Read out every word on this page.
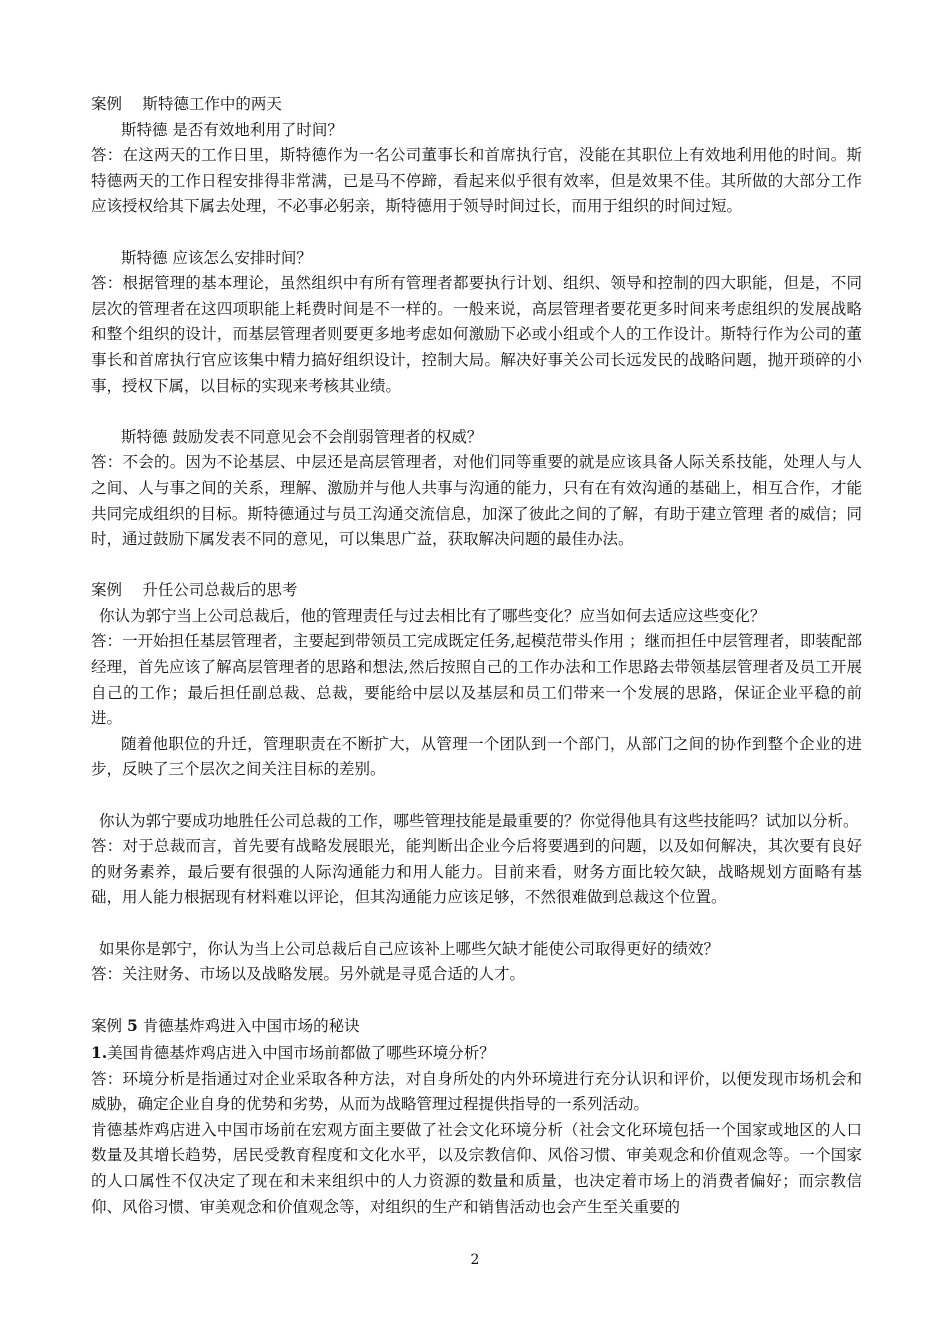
案例　 斯特德工作中的两天

斯特德 是否有效地利用了时间？

答：在这两天的工作日里，斯特德作为一名公司董事长和首席执行官，没能在其职位上有效地利用他的时间。斯特德两天的工作日程安排得非常满，已是马不停蹄，看起来似乎很有效率，但是效果不佳。其所做的大部分工作应该授权给其下属去处理，不必事必躬亲，斯特德用于领导时间过长，而用于组织的时间过短。

斯特德 应该怎么安排时间？

答：根据管理的基本理论，虽然组织中有所有管理者都要执行计划、组织、领导和控制的四大职能，但是，不同层次的管理者在这四项职能上耗费时间是不一样的。一般来说，高层管理者要花更多时间来考虑组织的发展战略和整个组织的设计，而基层管理者则要更多地考虑如何激励下必或小组或个人的工作设计。斯特行作为公司的董事长和首席执行官应该集中精力搞好组织设计，控制大局。解决好事关公司长远发民的战略问题，抛开琐碎的小事，授权下属，以目标的实现来考核其业绩。

斯特德 鼓励发表不同意见会不会削弱管理者的权威？

答：不会的。因为不论基层、中层还是高层管理者，对他们同等重要的就是应该具备人际关系技能，处理人与人之间、人与事之间的关系，理解、激励并与他人共事与沟通的能力，只有在有效沟通的基础上，相互合作，才能共同完成组织的目标。斯特德通过与员工沟通交流信息，加深了彼此之间的了解，有助于建立管理 者的威信；同时，通过鼓励下属发表不同的意见，可以集思广益，获取解决问题的最佳办法。

案例　 升任公司总裁后的思考

你认为郭宁当上公司总裁后，他的管理责任与过去相比有了哪些变化？应当如何去适应这些变化？

答：一开始担任基层管理者，主要起到带领员工完成既定任务,起模范带头作用 ；继而担任中层管理者，即装配部经理，首先应该了解高层管理者的思路和想法,然后按照自己的工作办法和工作思路去带领基层管理者及员工开展自己的工作；最后担任副总裁、总裁，要能给中层以及基层和员工们带来一个发展的思路，保证企业平稳的前进。

随着他职位的升迁，管理职责在不断扩大，从管理一个团队到一个部门，从部门之间的协作到整个企业的进步，反映了三个层次之间关注目标的差别。

你认为郭宁要成功地胜任公司总裁的工作，哪些管理技能是最重要的？你觉得他具有这些技能吗？试加以分析。

答：对于总裁而言，首先要有战略发展眼光，能判断出企业今后将要遇到的问题，以及如何解决，其次要有良好的财务素养，最后要有很强的人际沟通能力和用人能力。目前来看，财务方面比较欠缺，战略规划方面略有基础，用人能力根据现有材料难以评论，但其沟通能力应该足够，不然很难做到总裁这个位置。

如果你是郭宁，你认为当上公司总裁后自己应该补上哪些欠缺才能使公司取得更好的绩效？

答：关注财务、市场以及战略发展。另外就是寻觅合适的人才。

案例 5 肯德基炸鸡进入中国市场的秘诀

1.美国肯德基炸鸡店进入中国市场前都做了哪些环境分析？

答：环境分析是指通过对企业采取各种方法，对自身所处的内外环境进行充分认识和评价，以便发现市场机会和威胁，确定企业自身的优势和劣势，从而为战略管理过程提供指导的一系列活动。

肯德基炸鸡店进入中国市场前在宏观方面主要做了社会文化环境分析（社会文化环境包括一个国家或地区的人口数量及其增长趋势，居民受教育程度和文化水平，以及宗教信仰、风俗习惯、审美观念和价值观念等。一个国家的人口属性不仅决定了现在和未来组织中的人力资源的数量和质量，也决定着市场上的消费者偏好；而宗教信仰、风俗习惯、审美观念和价值观念等，对组织的生产和销售活动也会产生至关重要的

2
